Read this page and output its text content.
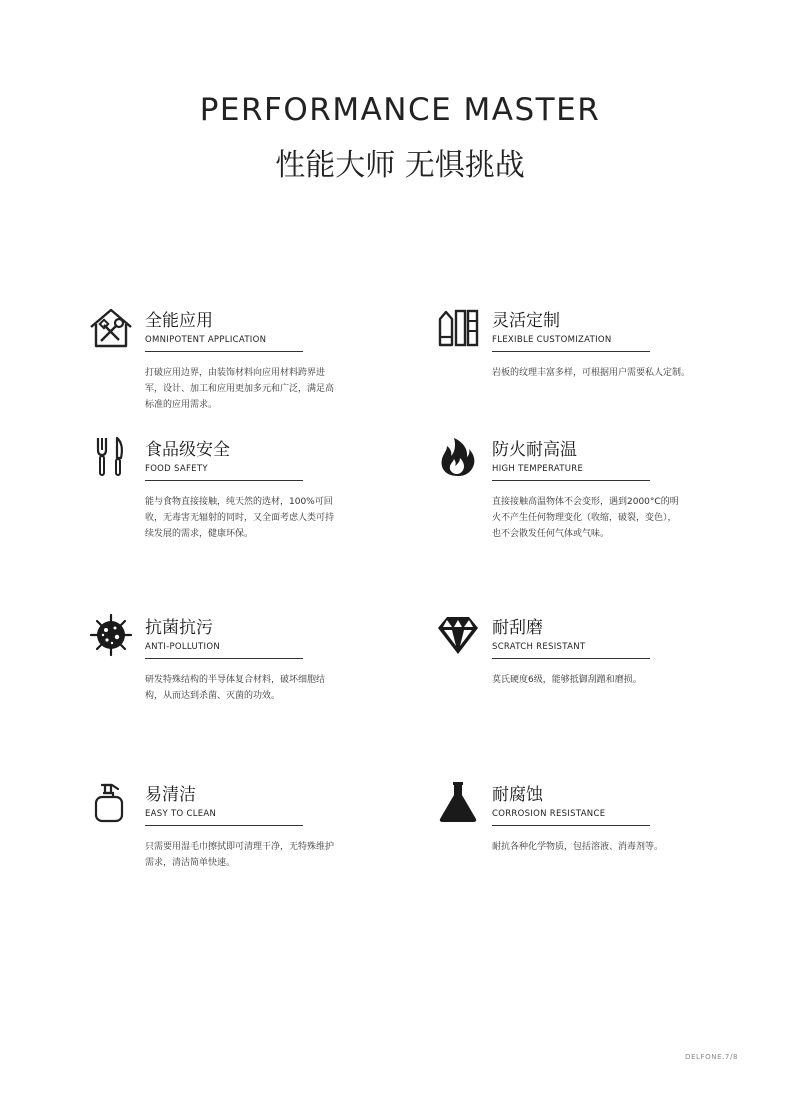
PERFORMANCE MASTER
性能大师 无惧挑战
全能应用
OMNIPOTENT APPLICATION
打破应用边界，由装饰材料向应用材料跨界进军，设计、加工和应用更加多元和广泛，满足高标准的应用需求。
灵活定制
FLEXIBLE CUSTOMIZATION
岩板的纹理丰富多样，可根据用户需要私人定制。
食品级安全
FOOD SAFETY
能与食物直接接触，纯天然的选材，100%可回收，无毒害无辐射的同时，又全面考虑人类可持续发展的需求，健康环保。
防火耐高温
HIGH TEMPERATURE
直接接触高温物体不会变形，遇到2000°C的明火不产生任何物理变化（收缩，破裂，变色），也不会散发任何气体或气味。
抗菌抗污
ANTI-POLLUTION
研发特殊结构的半导体复合材料，破坏细胞结构，从而达到杀菌、灭菌的功效。
耐刮磨
SCRATCH RESISTANT
莫氏硬度6级，能够抵御刮蹭和磨损。
易清洁
EASY TO CLEAN
只需要用湿毛巾擦拭即可清理干净，无特殊维护需求，清洁简单快速。
耐腐蚀
CORROSION RESISTANCE
耐抗各种化学物质，包括溶液、消毒剂等。
DELFONE.7/8
